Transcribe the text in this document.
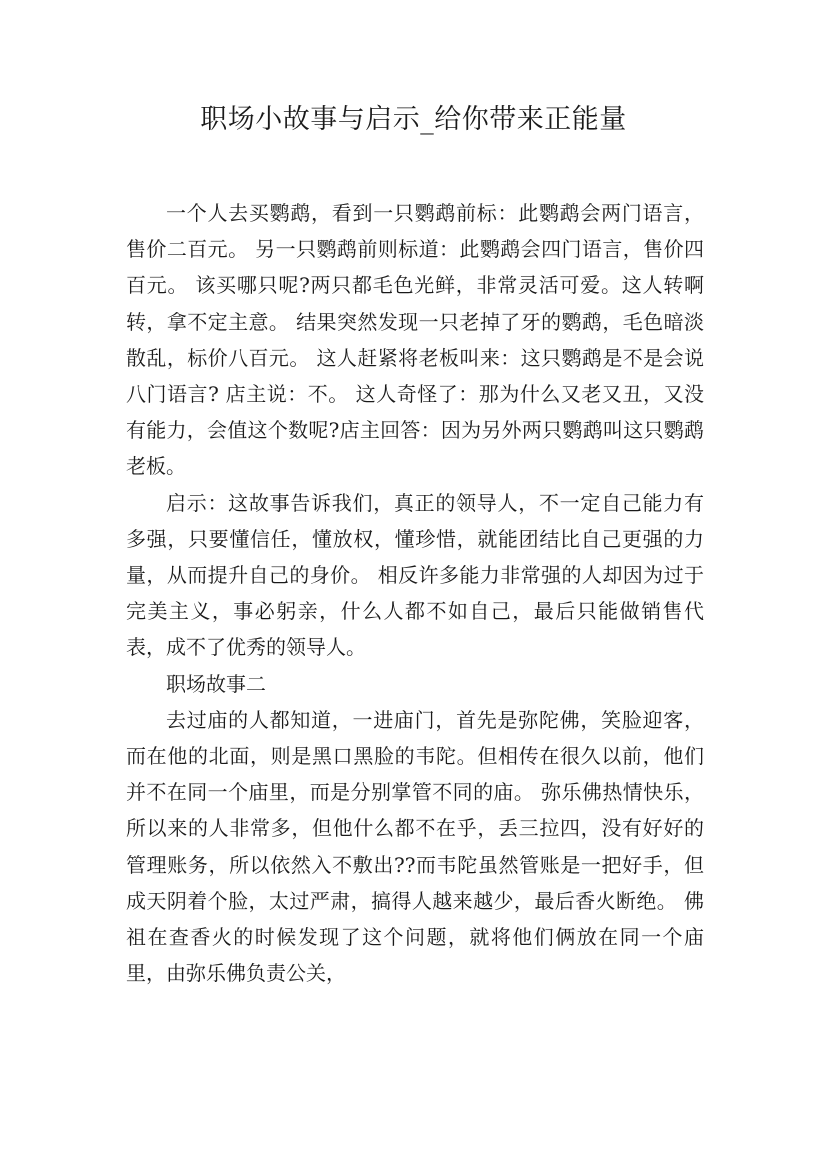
职场小故事与启示_给你带来正能量

一个人去买鹦鹉，看到一只鹦鹉前标：此鹦鹉会两门语言，售价二百元。 另一只鹦鹉前则标道：此鹦鹉会四门语言，售价四百元。 该买哪只呢?两只都毛色光鲜，非常灵活可爱。这人转啊转，拿不定主意。 结果突然发现一只老掉了牙的鹦鹉，毛色暗淡散乱，标价八百元。 这人赶紧将老板叫来：这只鹦鹉是不是会说八门语言? 店主说：不。 这人奇怪了：那为什么又老又丑，又没有能力，会值这个数呢?店主回答：因为另外两只鹦鹉叫这只鹦鹉老板。

启示：这故事告诉我们，真正的领导人，不一定自己能力有多强，只要懂信任，懂放权，懂珍惜，就能团结比自己更强的力量，从而提升自己的身价。 相反许多能力非常强的人却因为过于完美主义，事必躬亲，什么人都不如自己，最后只能做销售代表，成不了优秀的领导人。

职场故事二

去过庙的人都知道，一进庙门，首先是弥陀佛，笑脸迎客，而在他的北面，则是黑口黑脸的韦陀。但相传在很久以前，他们并不在同一个庙里，而是分别掌管不同的庙。 弥乐佛热情快乐，所以来的人非常多，但他什么都不在乎，丢三拉四，没有好好的管理账务，所以依然入不敷出??而韦陀虽然管账是一把好手，但成天阴着个脸，太过严肃，搞得人越来越少，最后香火断绝。 佛祖在查香火的时候发现了这个问题，就将他们俩放在同一个庙里，由弥乐佛负责公关，
